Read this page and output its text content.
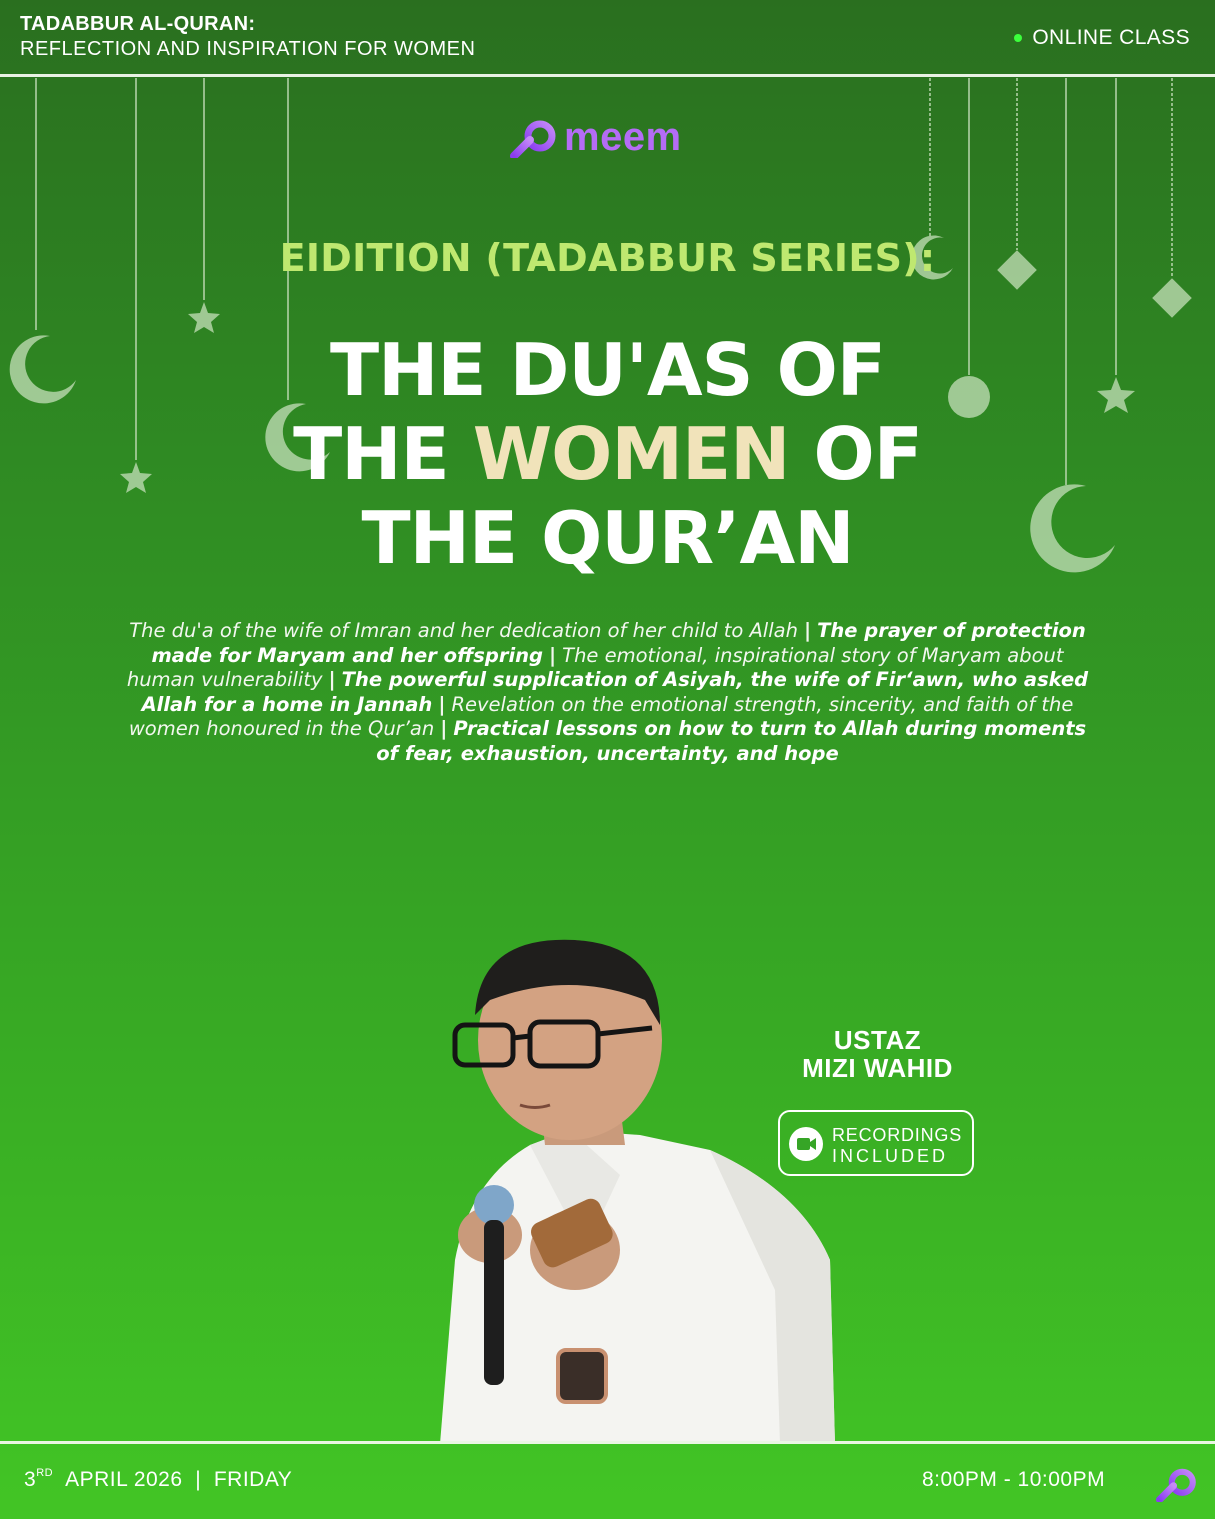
TADABBUR AL-QURAN:
REFLECTION AND INSPIRATION FOR WOMEN	ONLINE CLASS
meem
EIDITION (TADABBUR SERIES):
THE DU'AS OF
THE WOMEN OF
THE QUR’AN
The du'a of the wife of Imran and her dedication of her child to Allah | The prayer of protection made for Maryam and her offspring | The emotional, inspirational story of Maryam about human vulnerability | The powerful supplication of Asiyah, the wife of Fir‘awn, who asked Allah for a home in Jannah | Revelation on the emotional strength, sincerity, and faith of the women honoured in the Qur’an | Practical lessons on how to turn to Allah during moments of fear, exhaustion, uncertainty, and hope
USTAZ
MIZI WAHID
RECORDINGS
INCLUDED
3RD APRIL 2026  |  FRIDAY	8:00PM - 10:00PM
